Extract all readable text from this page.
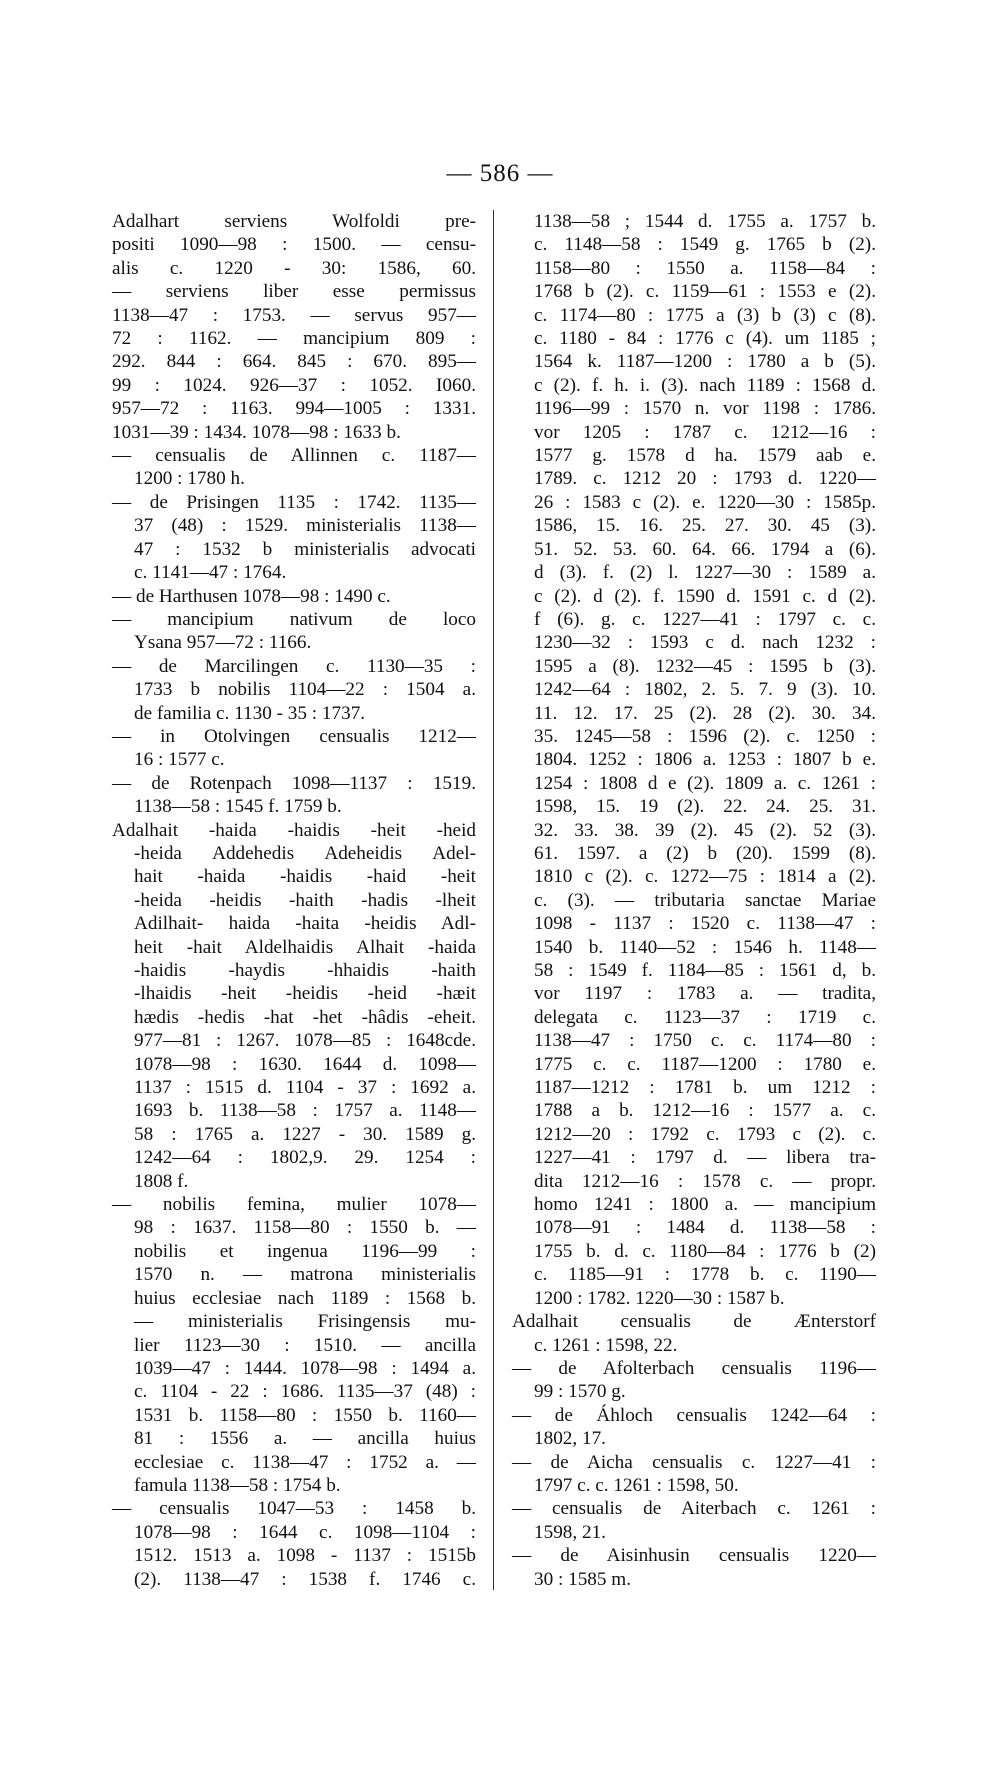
— 586 —
Adalhart serviens Wolfoldi pre-
positi 1090—98 : 1500. — censu-
alis c. 1220 - 30: 1586, 60.
— serviens liber esse permissus
1138—47 : 1753. — servus 957—
72 : 1162. — mancipium 809 :
292. 844 : 664. 845 : 670. 895—
99 : 1024. 926—37 : 1052. I060.
957—72 : 1163. 994—1005 : 1331.
1031—39 : 1434. 1078—98 : 1633 b.
— censualis de Allinnen c. 1187—
1200 : 1780 h.
— de Prisingen 1135 : 1742. 1135—
37 (48) : 1529. ministerialis 1138—
47 : 1532 b ministerialis advocati
c. 1141—47 : 1764.
— de Harthusen 1078—98 : 1490 c.
— mancipium nativum de loco
Ysana 957—72 : 1166.
— de Marcilingen c. 1130—35 :
1733 b nobilis 1104—22 : 1504 a.
de familia c. 1130 - 35 : 1737.
— in Otolvingen censualis 1212—
16 : 1577 c.
— de Rotenpach 1098—1137 : 1519.
1138—58 : 1545 f. 1759 b.
Adalhait -haida -haidis -heit -heid
-heida Addehedis Adeheidis Adel-
hait -haida -haidis -haid -heit
-heida -heidis -haith -hadis -lheit
Adilhait- haida -haita -heidis Adl-
heit -hait Aldelhaidis Alhait -haida
-haidis -haydis -hhaidis -haith
-lhaidis -heit -heidis -heid -hæit
hædis -hedis -hat -het -hâdis -eheit.
977—81 : 1267. 1078—85 : 1648cde.
1078—98 : 1630. 1644 d. 1098—
1137 : 1515 d. 1104 - 37 : 1692 a.
1693 b. 1138—58 : 1757 a. 1148—
58 : 1765 a. 1227 - 30. 1589 g.
1242—64 : 1802,9. 29. 1254 :
1808 f.
— nobilis femina, mulier 1078—
98 : 1637. 1158—80 : 1550 b. —
nobilis et ingenua 1196—99 :
1570 n. — matrona ministerialis
huius ecclesiae nach 1189 : 1568 b.
— ministerialis Frisingensis mu-
lier 1123—30 : 1510. — ancilla
1039—47 : 1444. 1078—98 : 1494 a.
c. 1104 - 22 : 1686. 1135—37 (48) :
1531 b. 1158—80 : 1550 b. 1160—
81 : 1556 a. — ancilla huius
ecclesiae c. 1138—47 : 1752 a. —
famula 1138—58 : 1754 b.
— censualis 1047—53 : 1458 b.
1078—98 : 1644 c. 1098—1104 :
1512. 1513 a. 1098 - 1137 : 1515b
(2). 1138—47 : 1538 f. 1746 c.
1138—58 ; 1544 d. 1755 a. 1757 b.
c. 1148—58 : 1549 g. 1765 b (2).
1158—80 : 1550 a. 1158—84 :
1768 b (2). c. 1159—61 : 1553 e (2).
c. 1174—80 : 1775 a (3) b (3) c (8).
c. 1180 - 84 : 1776 c (4). um 1185 ;
1564 k. 1187—1200 : 1780 a b (5).
c (2). f. h. i. (3). nach 1189 : 1568 d.
1196—99 : 1570 n. vor 1198 : 1786.
vor 1205 : 1787 c. 1212—16 :
1577 g. 1578 d ha. 1579 aab e.
1789. c. 1212 20 : 1793 d. 1220—
26 : 1583 c (2). e. 1220—30 : 1585p.
1586, 15. 16. 25. 27. 30. 45 (3).
51. 52. 53. 60. 64. 66. 1794 a (6).
d (3). f. (2) l. 1227—30 : 1589 a.
c (2). d (2). f. 1590 d. 1591 c. d (2).
f (6). g. c. 1227—41 : 1797 c. c.
1230—32 : 1593 c d. nach 1232 :
1595 a (8). 1232—45 : 1595 b (3).
1242—64 : 1802, 2. 5. 7. 9 (3). 10.
11. 12. 17. 25 (2). 28 (2). 30. 34.
35. 1245—58 : 1596 (2). c. 1250 :
1804. 1252 : 1806 a. 1253 : 1807 b e.
1254 : 1808 d e (2). 1809 a. c. 1261 :
1598, 15. 19 (2). 22. 24. 25. 31.
32. 33. 38. 39 (2). 45 (2). 52 (3).
61. 1597. a (2) b (20). 1599 (8).
1810 c (2). c. 1272—75 : 1814 a (2).
c. (3). — tributaria sanctae Mariae
1098 - 1137 : 1520 c. 1138—47 :
1540 b. 1140—52 : 1546 h. 1148—
58 : 1549 f. 1184—85 : 1561 d, b.
vor 1197 : 1783 a. — tradita,
delegata c. 1123—37 : 1719 c.
1138—47 : 1750 c. c. 1174—80 :
1775 c. c. 1187—1200 : 1780 e.
1187—1212 : 1781 b. um 1212 :
1788 a b. 1212—16 : 1577 a. c.
1212—20 : 1792 c. 1793 c (2). c.
1227—41 : 1797 d. — libera tra-
dita 1212—16 : 1578 c. — propr.
homo 1241 : 1800 a. — mancipium
1078—91 : 1484 d. 1138—58 :
1755 b. d. c. 1180—84 : 1776 b (2)
c. 1185—91 : 1778 b. c. 1190—
1200 : 1782. 1220—30 : 1587 b.
Adalhait censualis de Ænterstorf
c. 1261 : 1598, 22.
— de Afolterbach censualis 1196—
99 : 1570 g.
— de Áhloch censualis 1242—64 :
1802, 17.
— de Aicha censualis c. 1227—41 :
1797 c. c. 1261 : 1598, 50.
— censualis de Aiterbach c. 1261 :
1598, 21.
— de Aisinhusin censualis 1220—
30 : 1585 m.
